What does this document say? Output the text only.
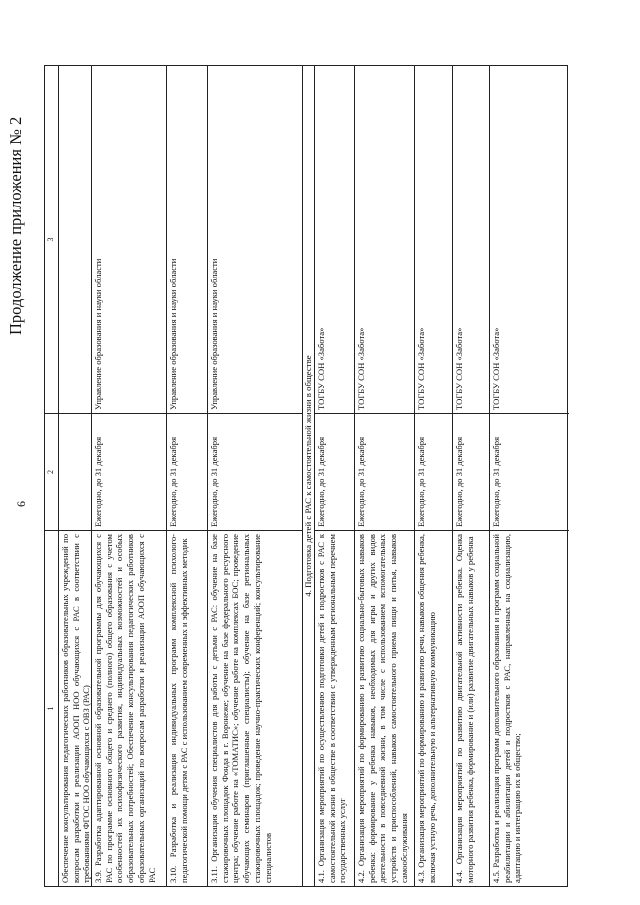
6
Продолжение приложения № 2
1
2
3
Обеспечение консультирования педагогических работников образовательных учреждений по вопросам разработки и реализации АООП НОО обучающихся с РАС в соответствии с требованиями ФГОС НОО обучающихся с ОВЗ (РАС) 3.9. Разработка адаптированной основной образовательной программы для обучающихся с РАС по программе основного общего и среднего (полного) общего образования с учетом особенностей их психофизического развития, индивидуальных возможностей и особых образовательных потребностей; Обеспечение консультирования педагогических работников образовательных организаций по вопросам разработки и реализации АООП обучающихся с РАС
Ежегодно, до 31 декабря
Управление образования и науки области
3.10. Разработка и реализация индивидуальных программ комплексной психолого-педагогической помощи детям с РАС с использованием современных и эффективных методик
Ежегодно, до 31 декабря
Управление образования и науки области
3.11. Организация обучения специалистов для работы с детьми с РАС: обучение на базе стажировочных площадок Фонда в г. Воронеже; обучение на базе федерального ресурсного центра; обучение работе на «ТОМАТИС»; обучение работе на комплексах БОС; проведение обучающих семинаров (приглашенные специалисты); обучение на базе региональных стажировочных площадок; проведение научно-практических конференций; консультирование специалистов
Ежегодно, до 31 декабря
Управление образования и науки области
4. Подготовка детей с РАС к самостоятельной жизни в обществе
4.1. Организация мероприятий по осуществлению подготовки детей и подростков с РАС к самостоятельной жизни в обществе в соответствии с утвержденным региональным перечнем государственных услуг
Ежегодно, до 31 декабря
ТОГБУ СОН «Забота»
4.2. Организация мероприятий по формированию и развитию социально-бытовых навыков ребенка: формирование у ребенка навыков, необходимых для игры и других видов деятельности в повседневной жизни, в том числе с использованием вспомогательных устройств и приспособлений, навыков самостоятельного приема пищи и питья, навыков самообслуживания
Ежегодно, до 31 декабря
ТОГБУ СОН «Забота»
4.3. Организация мероприятий по формированию и развитию речи, навыков общения ребенка, включая устную речь, дополнительную и альтернативную коммуникацию
Ежегодно, до 31 декабря
ТОГБУ СОН «Забота»
4.4. Организация мероприятий по развитию двигательной активности ребенка. Оценка моторного развития ребенка, формирование и (или) развитие двигательных навыков у ребенка
Ежегодно, до 31 декабря
ТОГБУ СОН «Забота»
4.5. Разработка и реализация программ дополнительного образования и программ социальной реабилитации и абилитации детей и подростков с РАС, направленных на социализацию, адаптацию и интеграцию их в общество;
Ежегодно, до 31 декабря
ТОГБУ СОН «Забота»
